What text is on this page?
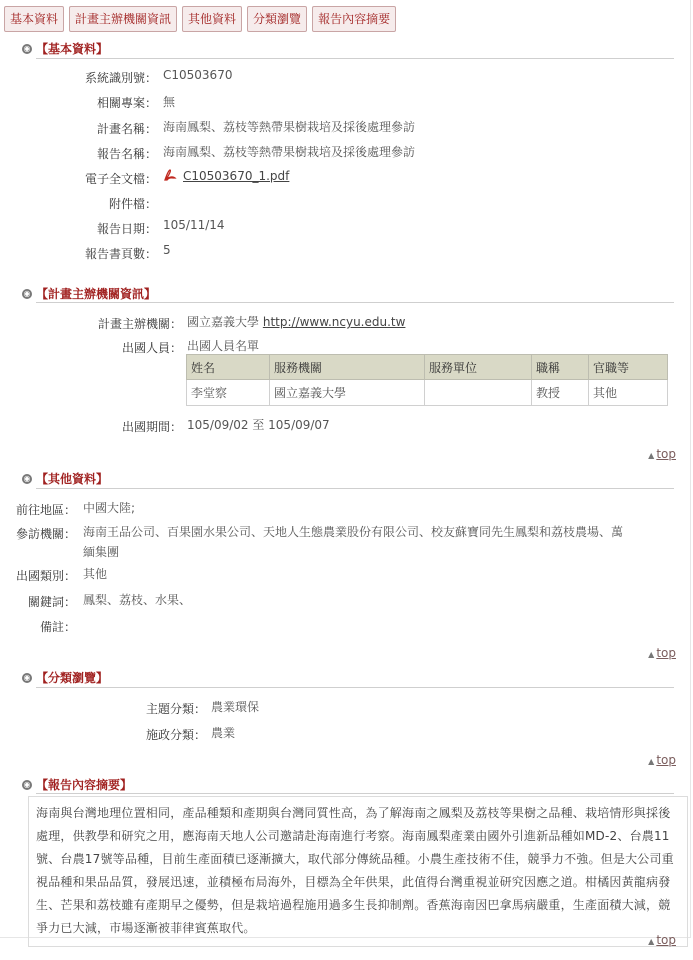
基本資料	計畫主辦機關資訊	其他資料	分類瀏覽	報告內容摘要
◉ 【基本資料】
系統識別號： C10503670
相關專案： 無
計畫名稱： 海南鳳梨、荔枝等熱帶果樹栽培及採後處理參訪
報告名稱： 海南鳳梨、荔枝等熱帶果樹栽培及採後處理參訪
電子全文檔：	C10503670_1.pdf
附件檔：
報告日期： 105/11/14
報告書頁數： 5
◉ 【計畫主辦機關資訊】
計畫主辦機關： 國立嘉義大學 http://www.ncyu.edu.tw
出國人員： 出國人員名單
姓名	服務機關	服務單位	職稱	官職等
李堂察	國立嘉義大學		教授	其他
出國期間： 105/09/02 至 105/09/07
▲ top
◉ 【其他資料】
前往地區： 中國大陸;
參訪機關： 海南王品公司、百果園水果公司、天地人生態農業股份有限公司、校友蘇寶同先生鳳梨和荔枝農場、萬
緬集團
出國類別： 其他
關鍵詞： 鳳梨、荔枝、水果、
備註：
▲ top
◉ 【分類瀏覽】
主題分類： 農業環保
施政分類： 農業
▲ top
◉ 【報告內容摘要】
海南與台灣地理位置相同，產品種類和產期與台灣同質性高，為了解海南之鳳梨及荔枝等果樹之品種、栽培情形與採後處理，供教學和研究之用，應海南天地人公司邀請赴海南進行考察。海南鳳梨產業由國外引進新品種如MD-2、台農11號、台農17號等品種，目前生產面積已逐漸擴大，取代部分傳統品種。小農生產技術不佳，競爭力不強。但是大公司重視品種和果品品質，發展迅速，並積極布局海外，目標為全年供果，此值得台灣重視並研究因應之道。柑橘因黃龍病發生、芒果和荔枝雖有產期早之優勢，但是栽培過程施用過多生長抑制劑。香蕉海南因巴拿馬病嚴重，生產面積大減，競爭力已大減，市場逐漸被菲律賓蕉取代。
▲ top
